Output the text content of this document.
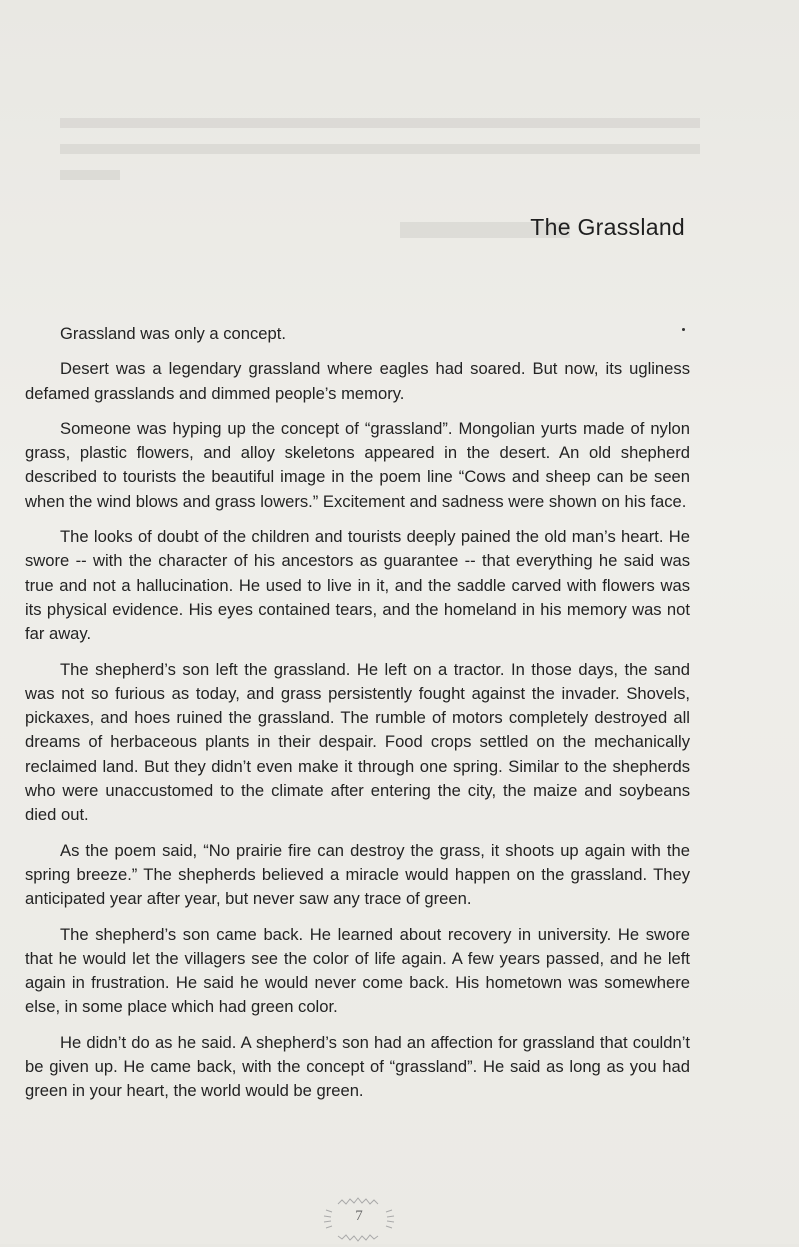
The Grassland

Grassland was only a concept.

Desert was a legendary grassland where eagles had soared. But now, its ugliness defamed grasslands and dimmed people’s memory.

Someone was hyping up the concept of “grassland”. Mongolian yurts made of nylon grass, plastic flowers, and alloy skeletons appeared in the desert. An old shepherd described to tourists the beautiful image in the poem line “Cows and sheep can be seen when the wind blows and grass lowers.” Excitement and sadness were shown on his face.

The looks of doubt of the children and tourists deeply pained the old man’s heart. He swore -- with the character of his ancestors as guarantee -- that everything he said was true and not a hallucination. He used to live in it, and the saddle carved with flowers was its physical evidence. His eyes contained tears, and the homeland in his memory was not far away.

The shepherd’s son left the grassland. He left on a tractor. In those days, the sand was not so furious as today, and grass persistently fought against the invader. Shovels, pickaxes, and hoes ruined the grassland. The rumble of motors completely destroyed all dreams of herbaceous plants in their despair. Food crops settled on the mechanically reclaimed land. But they didn’t even make it through one spring. Similar to the shepherds who were unaccustomed to the climate after entering the city, the maize and soybeans died out.

As the poem said, “No prairie fire can destroy the grass, it shoots up again with the spring breeze.” The shepherds believed a miracle would happen on the grassland. They anticipated year after year, but never saw any trace of green.

The shepherd’s son came back. He learned about recovery in university. He swore that he would let the villagers see the color of life again. A few years passed, and he left again in frustration. He said he would never come back. His hometown was somewhere else, in some place which had green color.

He didn’t do as he said. A shepherd’s son had an affection for grassland that couldn’t be given up. He came back, with the concept of “grassland”. He said as long as you had green in your heart, the world would be green.

7
